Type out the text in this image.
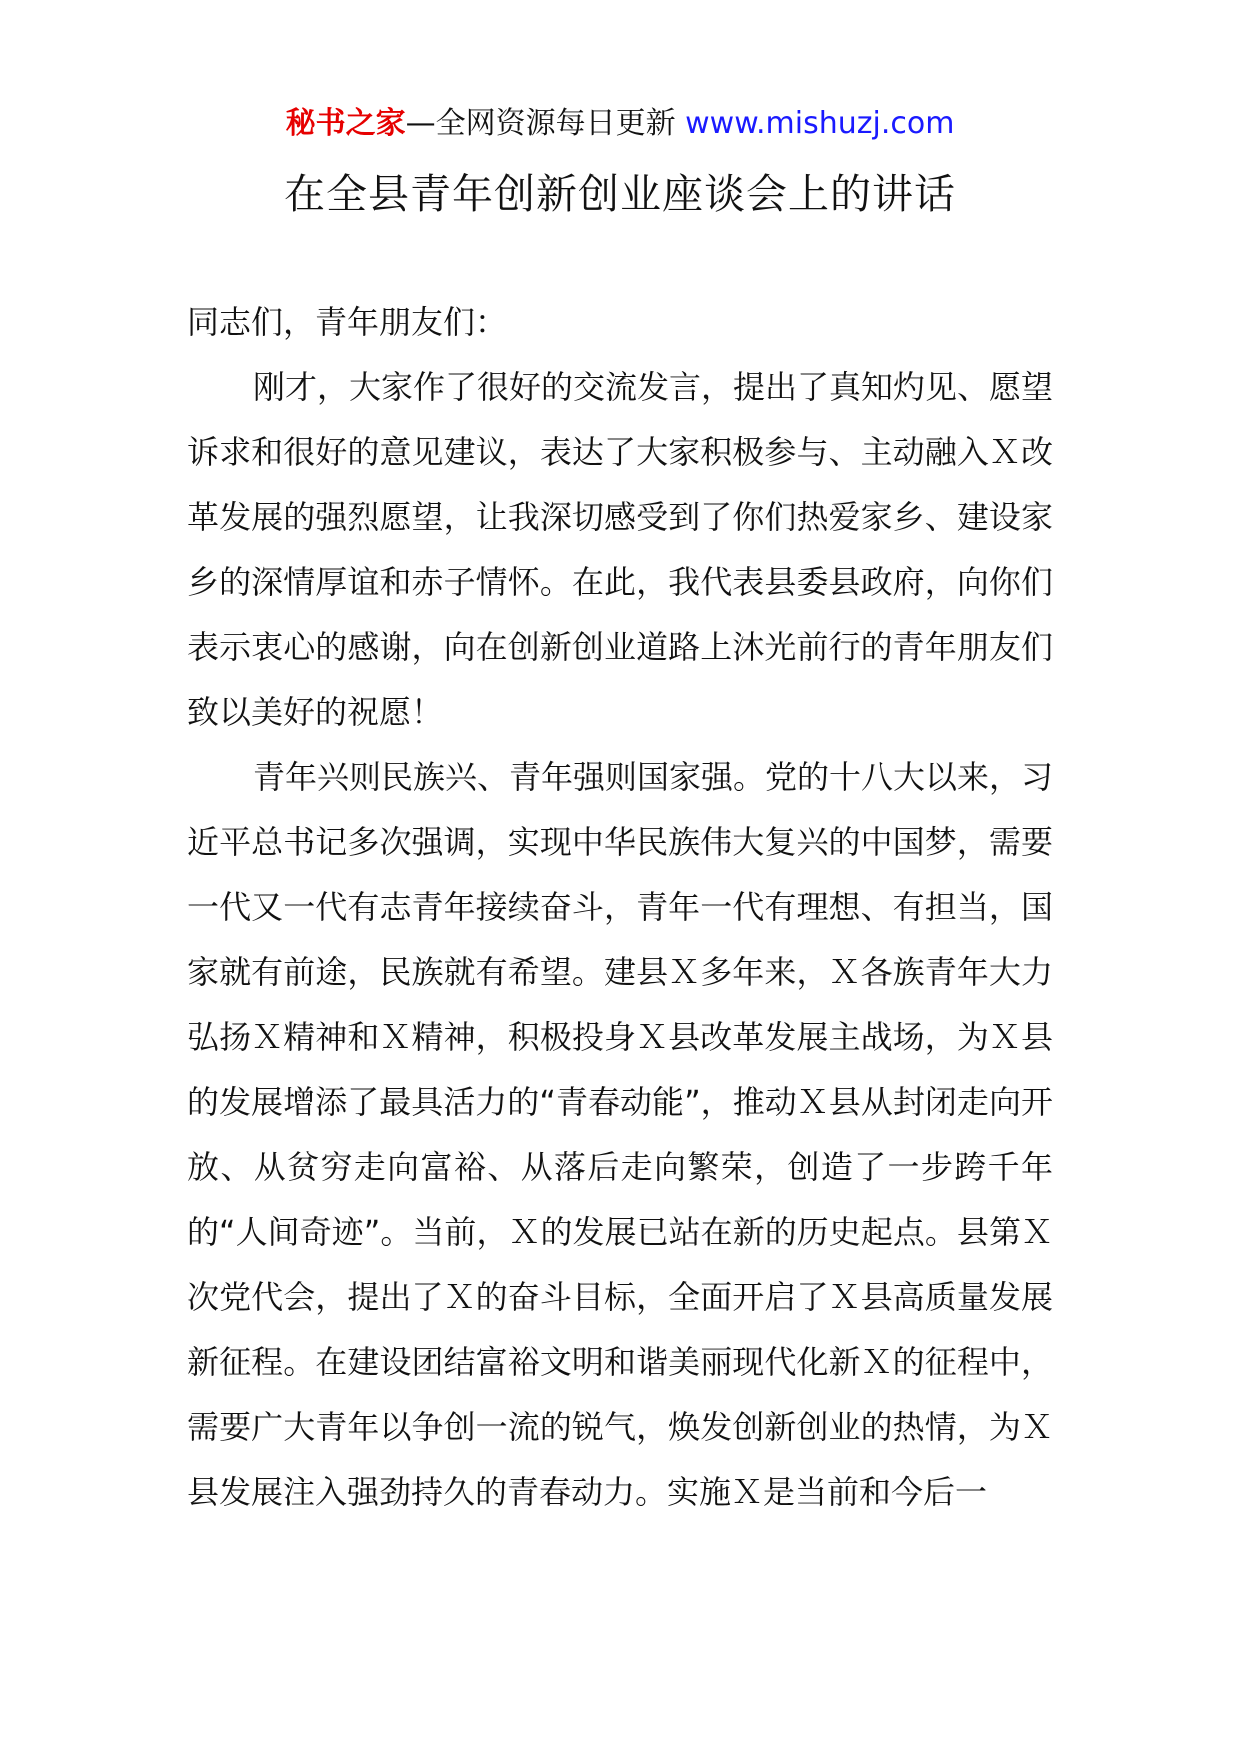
秘书之家—全网资源每日更新 www.mishuzj.com
在全县青年创新创业座谈会上的讲话

同志们，青年朋友们：

刚才，大家作了很好的交流发言，提出了真知灼见、愿望诉求和很好的意见建议，表达了大家积极参与、主动融入Ｘ改革发展的强烈愿望，让我深切感受到了你们热爱家乡、建设家乡的深情厚谊和赤子情怀。在此，我代表县委县政府，向你们表示衷心的感谢，向在创新创业道路上沐光前行的青年朋友们致以美好的祝愿！

青年兴则民族兴、青年强则国家强。党的十八大以来，习近平总书记多次强调，实现中华民族伟大复兴的中国梦，需要一代又一代有志青年接续奋斗，青年一代有理想、有担当，国家就有前途，民族就有希望。建县Ｘ多年来，Ｘ各族青年大力弘扬Ｘ精神和Ｘ精神，积极投身Ｘ县改革发展主战场，为Ｘ县的发展增添了最具活力的“青春动能”，推动Ｘ县从封闭走向开放、从贫穷走向富裕、从落后走向繁荣，创造了一步跨千年的“人间奇迹”。当前，Ｘ的发展已站在新的历史起点。县第Ｘ次党代会，提出了Ｘ的奋斗目标，全面开启了Ｘ县高质量发展新征程。在建设团结富裕文明和谐美丽现代化新Ｘ的征程中，需要广大青年以争创一流的锐气，焕发创新创业的热情，为Ｘ县发展注入强劲持久的青春动力。实施Ｘ是当前和今后一
